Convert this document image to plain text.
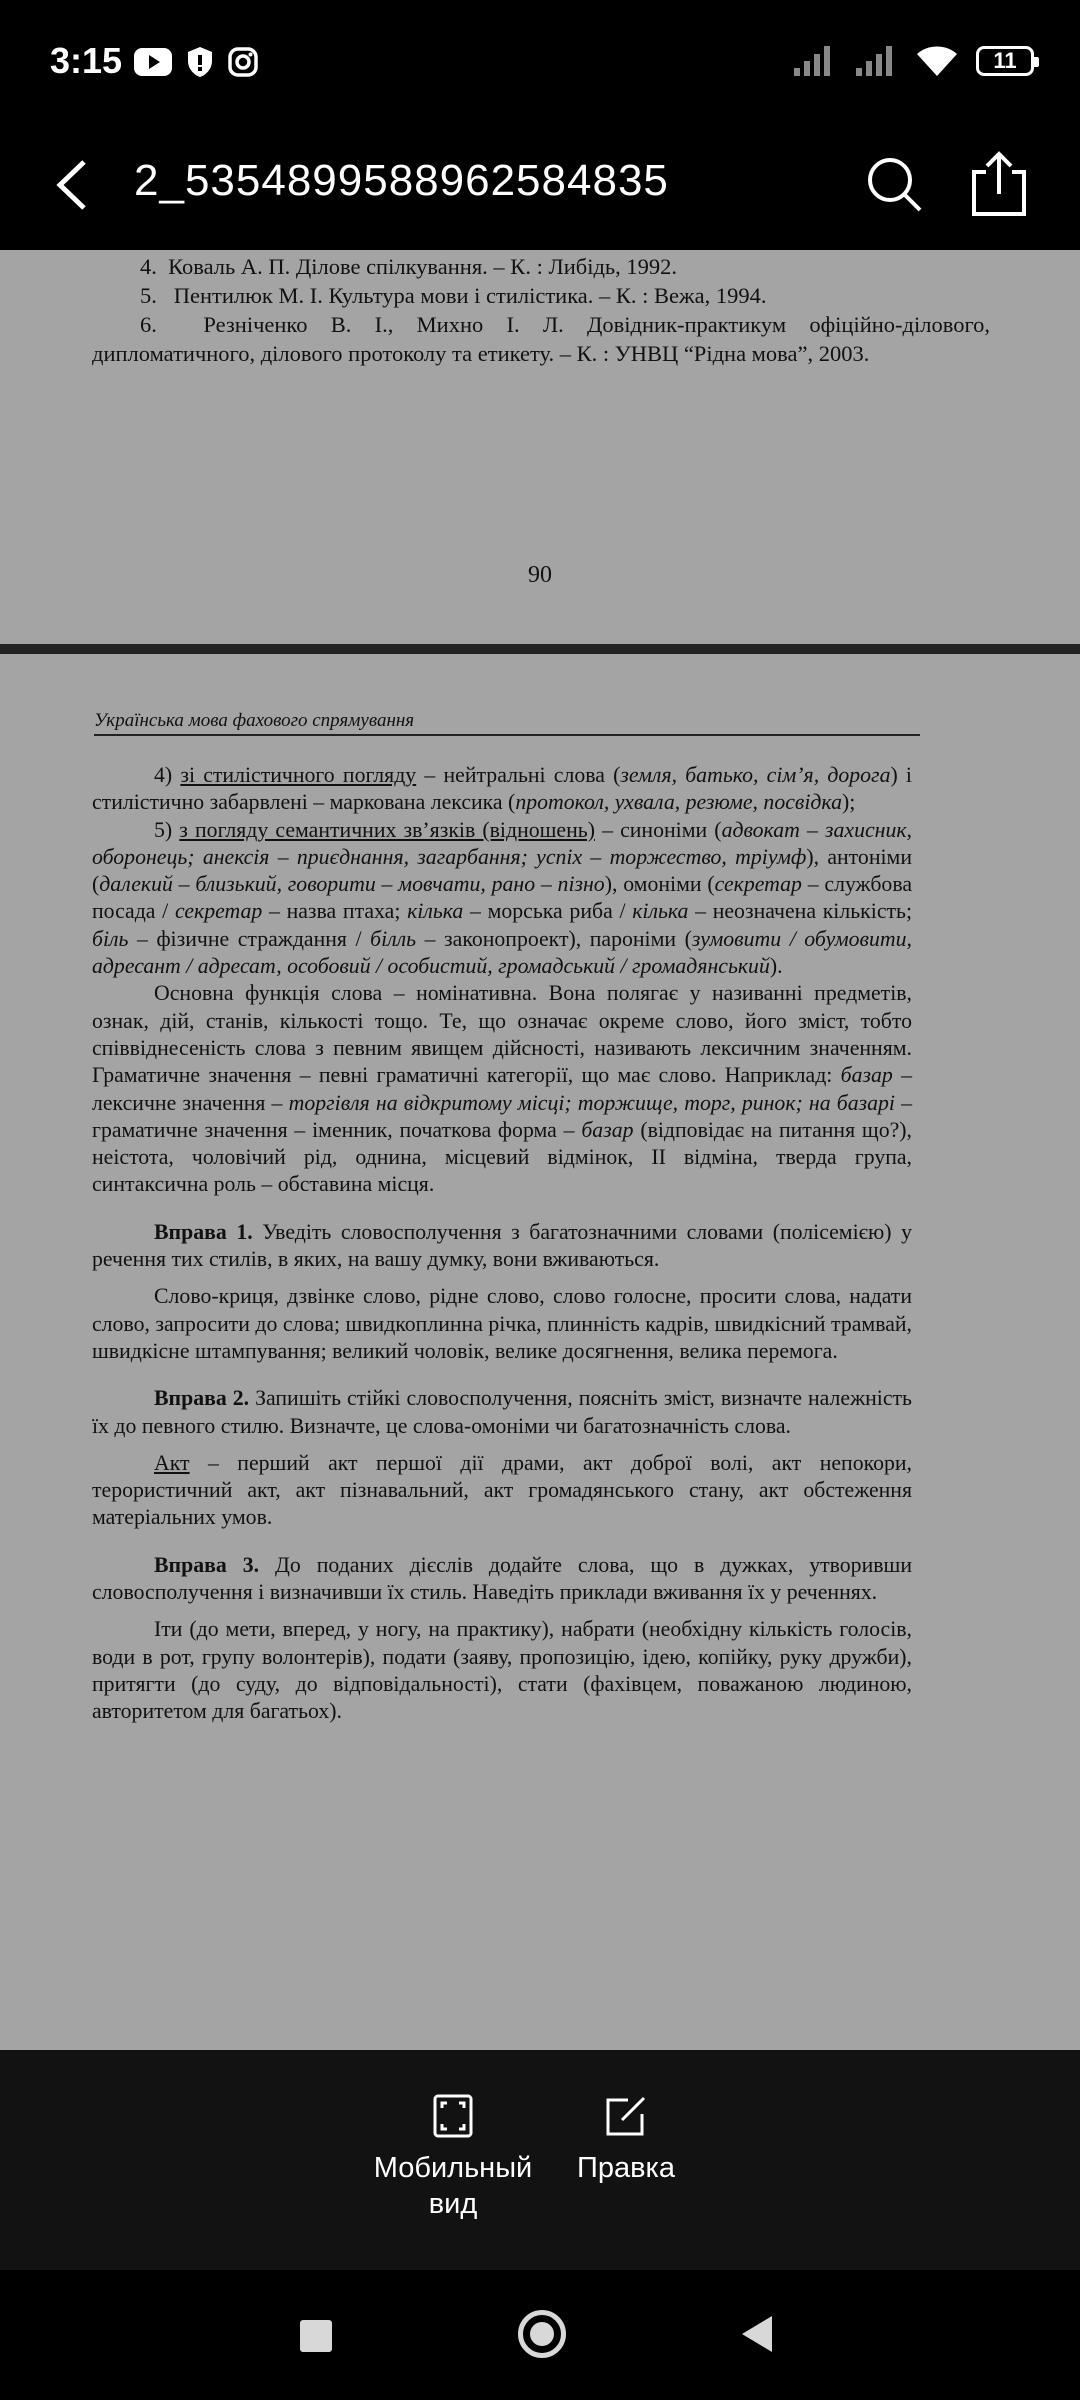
3:15	11
2_5354899588962584835

4.  Коваль А. П. Ділове спілкування. – К. : Либідь, 1992.

5.   Пентилюк М. І. Культура мови і стилістика. – К. : Вежа, 1994.

6.  Резніченко В. І., Михно І. Л. Довідник-практикум офіційно-ділового, дипломатичного, ділового протоколу та етикету. – К. : УНВЦ “Рідна мова”, 2003.

90
Українська мова фахового спрямування

4) зі стилістичного погляду – нейтральні слова (земля, батько, сім’я, дорога) і стилістично забарвлені – маркована лексика (протокол, ухвала, резюме, посвідка);

5) з погляду семантичних зв’язків (відношень) – синоніми (адвокат – захисник, оборонець; анексія – приєднання, загарбання; успіх – торжество, тріумф), антоніми (далекий – близький, говорити – мовчати, рано – пізно), омоніми (секретар – службова посада / секретар – назва птаха; кілька – морська риба / кілька – неозначена кількість; біль – фізичне страждання / білль – законопроект), пароніми (зумовити / обумовити, адресант / адресат, особовий / особистий, громадський / громадянський).

Основна функція слова – номінативна. Вона полягає у називанні предметів, ознак, дій, станів, кількості тощо. Те, що означає окреме слово, його зміст, тобто співвіднесеність слова з певним явищем дійсності, називають лексичним значенням. Граматичне значення – певні граматичні категорії, що має слово. Наприклад: базар – лексичне значення – торгівля на відкритому місці; торжище, торг, ринок; на базарі – граматичне значення – іменник, початкова форма – базар (відповідає на питання що?), неістота, чоловічий рід, однина, місцевий відмінок, ІІ відміна, тверда група, синтаксична роль – обставина місця.

Вправа 1. Уведіть словосполучення з багатозначними словами (полісемією) у речення тих стилів, в яких, на вашу думку, вони вживаються.

Слово-криця, дзвінке слово, рідне слово, слово голосне, просити слова, надати слово, запросити до слова; швидкоплинна річка, плинність кадрів, швидкісний трамвай, швидкісне штампування; великий чоловік, велике досягнення, велика перемога.

Вправа 2. Запишіть стійкі словосполучення, поясніть зміст, визначте належність їх до певного стилю. Визначте, це слова-омоніми чи багатозначність слова.

Акт – перший акт першої дії драми, акт доброї волі, акт непокори, терористичний акт, акт пізнавальний, акт громадянського стану, акт обстеження матеріальних умов.

Вправа 3. До поданих дієслів додайте слова, що в дужках, утворивши словосполучення і визначивши їх стиль. Наведіть приклади вживання їх у реченнях.

Іти (до мети, вперед, у ногу, на практику), набрати (необхідну кількість голосів, води в рот, групу волонтерів), подати (заяву, пропозицію, ідею, копійку, руку дружби), притягти (до суду, до відповідальності), стати (фахівцем, поважаною людиною, авторитетом для багатьох).

Мобильный вид
Правка
